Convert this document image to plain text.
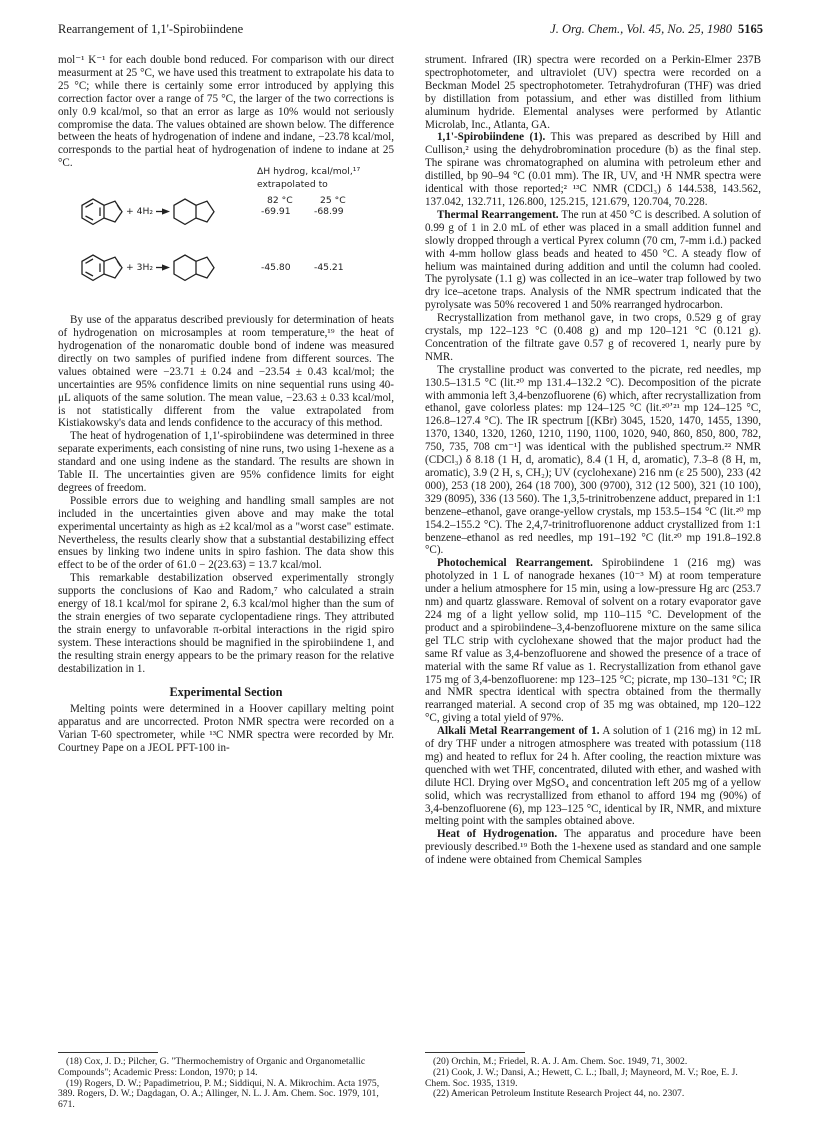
Rearrangement of 1,1'-Spirobiindene	J. Org. Chem., Vol. 45, No. 25, 1980 5165

mol⁻¹ K⁻¹ for each double bond reduced. For comparison with our direct measurment at 25 °C, we have used this treatment to extrapolate his data to 25 °C; while there is certainly some error introduced by applying this correction factor over a range of 75 °C, the larger of the two corrections is only 0.9 kcal/mol, so that an error as large as 10% would not seriously compromise the data. The values obtained are shown below. The difference between the heats of hydrogenation of indene and indane, −23.78 kcal/mol, corresponds to the partial heat of hydrogenation of indene to indane at 25 °C.

ΔH hydrog, kcal/mol,¹⁷
extrapolated to
82 °C	25 °C
+ 4H₂	-69.91	-68.99
+ 3H₂	-45.80	-45.21

By use of the apparatus described previously for determination of heats of hydrogenation on microsamples at room temperature,¹⁹ the heat of hydrogenation of the nonaromatic double bond of indene was measured directly on two samples of purified indene from different sources. The values obtained were −23.71 ± 0.24 and −23.54 ± 0.43 kcal/mol; the uncertainties are 95% confidence limits on nine sequential runs using 40-μL aliquots of the same solution. The mean value, −23.63 ± 0.33 kcal/mol, is not statistically different from the value extrapolated from Kistiakowsky's data and lends confidence to the accuracy of this method.

The heat of hydrogenation of 1,1'-spirobiindene was determined in three separate experiments, each consisting of nine runs, two using 1-hexene as a standard and one using indene as the standard. The results are shown in Table II. The uncertainties given are 95% confidence limits for eight degrees of freedom.

Possible errors due to weighing and handling small samples are not included in the uncertainties given above and may make the total experimental uncertainty as high as ±2 kcal/mol as a "worst case" estimate. Nevertheless, the results clearly show that a substantial destabilizing effect ensues by linking two indene units in spiro fashion. The data show this effect to be of the order of 61.0 − 2(23.63) = 13.7 kcal/mol.

This remarkable destabilization observed experimentally strongly supports the conclusions of Kao and Radom,⁷ who calculated a strain energy of 18.1 kcal/mol for spirane 2, 6.3 kcal/mol higher than the sum of the strain energies of two separate cyclopentadiene rings. They attributed the strain energy to unfavorable π-orbital interactions in the rigid spiro system. These interactions should be magnified in the spirobiindene 1, and the resulting strain energy appears to be the primary reason for the relative destabilization in 1.

Experimental Section

Melting points were determined in a Hoover capillary melting point apparatus and are uncorrected. Proton NMR spectra were recorded on a Varian T-60 spectrometer, while ¹³C NMR spectra were recorded by Mr. Courtney Pape on a JEOL PFT-100 in-

strument. Infrared (IR) spectra were recorded on a Perkin-Elmer 237B spectrophotometer, and ultraviolet (UV) spectra were recorded on a Beckman Model 25 spectrophotometer. Tetrahydrofuran (THF) was dried by distillation from potassium, and ether was distilled from lithium aluminum hydride. Elemental analyses were performed by Atlantic Microlab, Inc., Atlanta, GA.

1,1'-Spirobiindene (1). This was prepared as described by Hill and Cullison,² using the dehydrobromination procedure (b) as the final step. The spirane was chromatographed on alumina with petroleum ether and distilled, bp 90–94 °C (0.01 mm). The IR, UV, and ¹H NMR spectra were identical with those reported;² ¹³C NMR (CDCl₃) δ 144.538, 143.562, 137.042, 132.711, 126.800, 125.215, 121.679, 120.704, 70.228.

Thermal Rearrangement. The run at 450 °C is described. A solution of 0.99 g of 1 in 2.0 mL of ether was placed in a small addition funnel and slowly dropped through a vertical Pyrex column (70 cm, 7-mm i.d.) packed with 4-mm hollow glass beads and heated to 450 °C. A steady flow of helium was maintained during addition and until the column had cooled. The pyrolysate (1.1 g) was collected in an ice–water trap followed by two dry ice–acetone traps. Analysis of the NMR spectrum indicated that the pyrolysate was 50% recovered 1 and 50% rearranged hydrocarbon.

Recrystallization from methanol gave, in two crops, 0.529 g of gray crystals, mp 122–123 °C (0.408 g) and mp 120–121 °C (0.121 g). Concentration of the filtrate gave 0.57 g of recovered 1, nearly pure by NMR.

The crystalline product was converted to the picrate, red needles, mp 130.5–131.5 °C (lit.²⁰ mp 131.4–132.2 °C). Decomposition of the picrate with ammonia left 3,4-benzofluorene (6) which, after recrystallization from ethanol, gave colorless plates: mp 124–125 °C (lit.²⁰ʼ²¹ mp 124–125 °C, 126.8–127.4 °C). The IR spectrum [(KBr) 3045, 1520, 1470, 1455, 1390, 1370, 1340, 1320, 1260, 1210, 1190, 1100, 1020, 940, 860, 850, 800, 782, 750, 735, 708 cm⁻¹] was identical with the published spectrum.²² NMR (CDCl₃) δ 8.18 (1 H, d, aromatic), 8.4 (1 H, d, aromatic), 7.3–8 (8 H, m, aromatic), 3.9 (2 H, s, CH₂); UV (cyclohexane) 216 nm (ε 25 500), 233 (42 000), 253 (18 200), 264 (18 700), 300 (9700), 312 (12 500), 321 (10 100), 329 (8095), 336 (13 560). The 1,3,5-trinitrobenzene adduct, prepared in 1:1 benzene–ethanol, gave orange-yellow crystals, mp 153.5–154 °C (lit.²⁰ mp 154.2–155.2 °C). The 2,4,7-trinitrofluorenone adduct crystallized from 1:1 benzene–ethanol as red needles, mp 191–192 °C (lit.²⁰ mp 191.8–192.8 °C).

Photochemical Rearrangement. Spirobiindene 1 (216 mg) was photolyzed in 1 L of nanograde hexanes (10⁻³ M) at room temperature under a helium atmosphere for 15 min, using a low-pressure Hg arc (253.7 nm) and quartz glassware. Removal of solvent on a rotary evaporator gave 224 mg of a light yellow solid, mp 110–115 °C. Development of the product and a spirobiindene–3,4-benzofluorene mixture on the same silica gel TLC strip with cyclohexane showed that the major product had the same Rf value as 3,4-benzofluorene and showed the presence of a trace of material with the same Rf value as 1. Recrystallization from ethanol gave 175 mg of 3,4-benzofluorene: mp 123–125 °C; picrate, mp 130–131 °C; IR and NMR spectra identical with spectra obtained from the thermally rearranged material. A second crop of 35 mg was obtained, mp 120–122 °C, giving a total yield of 97%.

Alkali Metal Rearrangement of 1. A solution of 1 (216 mg) in 12 mL of dry THF under a nitrogen atmosphere was treated with potassium (118 mg) and heated to reflux for 24 h. After cooling, the reaction mixture was quenched with wet THF, concentrated, diluted with ether, and washed with dilute HCl. Drying over MgSO₄ and concentration left 205 mg of a yellow solid, which was recrystallized from ethanol to afford 194 mg (90%) of 3,4-benzofluorene (6), mp 123–125 °C, identical by IR, NMR, and mixture melting point with the samples obtained above.

Heat of Hydrogenation. The apparatus and procedure have been previously described.¹⁹ Both the 1-hexene used as standard and one sample of indene were obtained from Chemical Samples

(18) Cox, J. D.; Pilcher, G. "Thermochemistry of Organic and Organometallic Compounds"; Academic Press: London, 1970; p 14.

(19) Rogers, D. W.; Papadimetriou, P. M.; Siddiqui, N. A. Mikrochim. Acta 1975, 389. Rogers, D. W.; Dagdagan, O. A.; Allinger, N. L. J. Am. Chem. Soc. 1979, 101, 671.

(20) Orchin, M.; Friedel, R. A. J. Am. Chem. Soc. 1949, 71, 3002.

(21) Cook, J. W.; Dansi, A.; Hewett, C. L.; Iball, J; Mayneord, M. V.; Roe, E. J. Chem. Soc. 1935, 1319.

(22) American Petroleum Institute Research Project 44, no. 2307.
